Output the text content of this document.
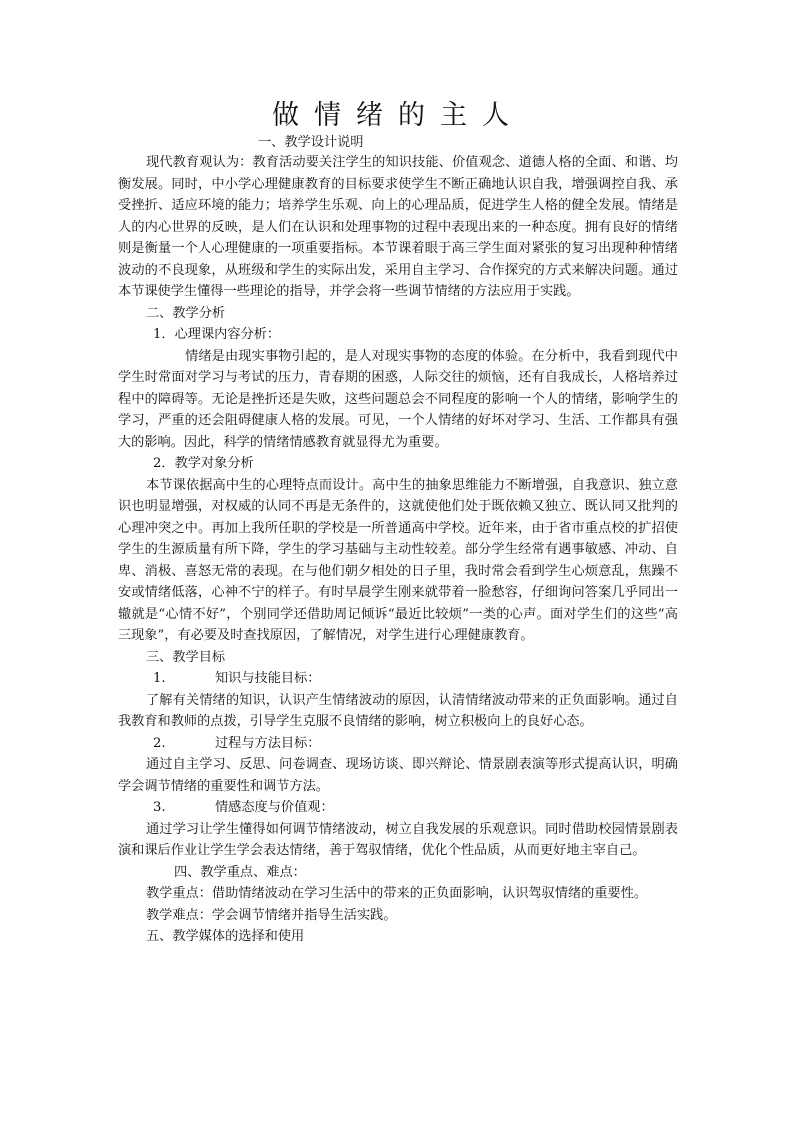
做情绪的主人

一、教学设计说明

现代教育观认为：教育活动要关注学生的知识技能、价值观念、道德人格的全面、和谐、均衡发展。同时，中小学心理健康教育的目标要求使学生不断正确地认识自我，增强调控自我、承受挫折、适应环境的能力；培养学生乐观、向上的心理品质，促进学生人格的健全发展。情绪是人的内心世界的反映，是人们在认识和处理事物的过程中表现出来的一种态度。拥有良好的情绪则是衡量一个人心理健康的一项重要指标。本节课着眼于高三学生面对紧张的复习出现种种情绪波动的不良现象，从班级和学生的实际出发，采用自主学习、合作探究的方式来解决问题。通过本节课使学生懂得一些理论的指导，并学会将一些调节情绪的方法应用于实践。

二、教学分析

1．心理课内容分析：

情绪是由现实事物引起的，是人对现实事物的态度的体验。在分析中，我看到现代中学生时常面对学习与考试的压力，青春期的困惑，人际交往的烦恼，还有自我成长，人格培养过程中的障碍等。无论是挫折还是失败，这些问题总会不同程度的影响一个人的情绪，影响学生的学习，严重的还会阻碍健康人格的发展。可见，一个人情绪的好坏对学习、生活、工作都具有强大的影响。因此，科学的情绪情感教育就显得尤为重要。

2．教学对象分析

本节课依据高中生的心理特点而设计。高中生的抽象思维能力不断增强，自我意识、独立意识也明显增强，对权威的认同不再是无条件的，这就使他们处于既依赖又独立、既认同又批判的心理冲突之中。再加上我所任职的学校是一所普通高中学校。近年来，由于省市重点校的扩招使学生的生源质量有所下降，学生的学习基础与主动性较差。部分学生经常有遇事敏感、冲动、自卑、消极、喜怒无常的表现。在与他们朝夕相处的日子里，我时常会看到学生心烦意乱，焦躁不安或情绪低落，心神不宁的样子。有时早晨学生刚来就带着一脸愁容，仔细询问答案几乎同出一辙就是“心情不好”，个别同学还借助周记倾诉“最近比较烦”一类的心声。面对学生们的这些“高三现象”，有必要及时查找原因，了解情况，对学生进行心理健康教育。

三、教学目标

1.	知识与技能目标：

了解有关情绪的知识，认识产生情绪波动的原因，认清情绪波动带来的正负面影响。通过自我教育和教师的点拨，引导学生克服不良情绪的影响，树立积极向上的良好心态。

2.	过程与方法目标：

通过自主学习、反思、问卷调查、现场访谈、即兴辩论、情景剧表演等形式提高认识，明确学会调节情绪的重要性和调节方法。

3.	情感态度与价值观：

通过学习让学生懂得如何调节情绪波动，树立自我发展的乐观意识。同时借助校园情景剧表演和课后作业让学生学会表达情绪，善于驾驭情绪，优化个性品质，从而更好地主宰自己。

四、教学重点、难点：

教学重点：借助情绪波动在学习生活中的带来的正负面影响，认识驾驭情绪的重要性。

教学难点：学会调节情绪并指导生活实践。

五、教学媒体的选择和使用
